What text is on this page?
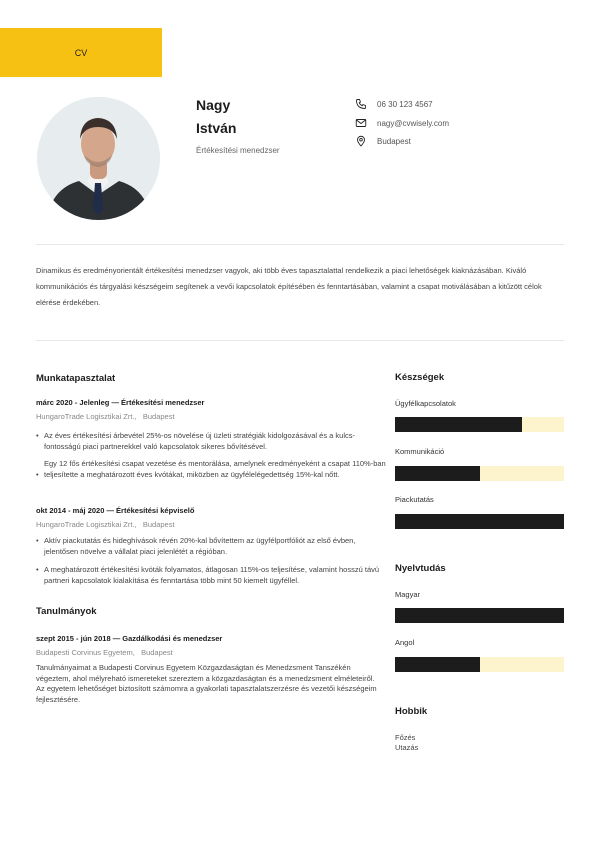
CV
Nagy
István
Értékesítési menedzser
06 30 123 4567
nagy@cvwisely.com
Budapest
Dinamikus és eredményorientált értékesítési menedzser vagyok, aki több éves tapasztalattal rendelkezik a piaci lehetőségek kiaknázásában. Kiváló kommunikációs és tárgyalási készségeim segítenek a vevői kapcsolatok építésében és fenntartásában, valamint a csapat motiválásában a kitűzött célok elérése érdekében.
Munkatapasztalat
márc 2020 - Jelenleg — Értékesítési menedzser
HungaroTrade Logisztikai Zrt., Budapest
• Az éves értékesítési árbevétel 25%-os növelése új üzleti stratégiák kidolgozásával és a kulcs-fontosságú piaci partnerekkel való kapcsolatok sikeres bővítésével.
•
Egy 12 fős értékesítési csapat vezetése és mentorálása, amelynek eredményeként a csapat 110%-ban teljesítette a meghatározott éves kvótákat, miközben az ügyfélelégedettség 15%-kal nőtt.
okt 2014 - máj 2020 — Értékesítési képviselő
HungaroTrade Logisztikai Zrt., Budapest
• Aktív piackutatás és hideghívások révén 20%-kal bővítettem az ügyfélportfóliót az első évben, jelentősen növelve a vállalat piaci jelenlétét a régióban.
• A meghatározott értékesítési kvóták folyamatos, átlagosan 115%-os teljesítése, valamint hosszú távú partneri kapcsolatok kialakítása és fenntartása több mint 50 kiemelt ügyféllel.
Tanulmányok
szept 2015 - jún 2018 — Gazdálkodási és menedzser
Budapesti Corvinus Egyetem, Budapest
Tanulmányaimat a Budapesti Corvinus Egyetem Közgazdaságtan és Menedzsment Tanszékén végeztem, ahol mélyreható ismereteket szereztem a közgazdaságtan és a menedzsment elméleteiről. Az egyetem lehetőséget biztosított számomra a gyakorlati tapasztalatszerzésre és vezetői készségeim fejlesztésére.
Készségek
Ügyfélkapcsolatok
Kommunikáció
Piackutatás
Nyelvtudás
Magyar
Angol
Hobbik
Főzés
Utazás
